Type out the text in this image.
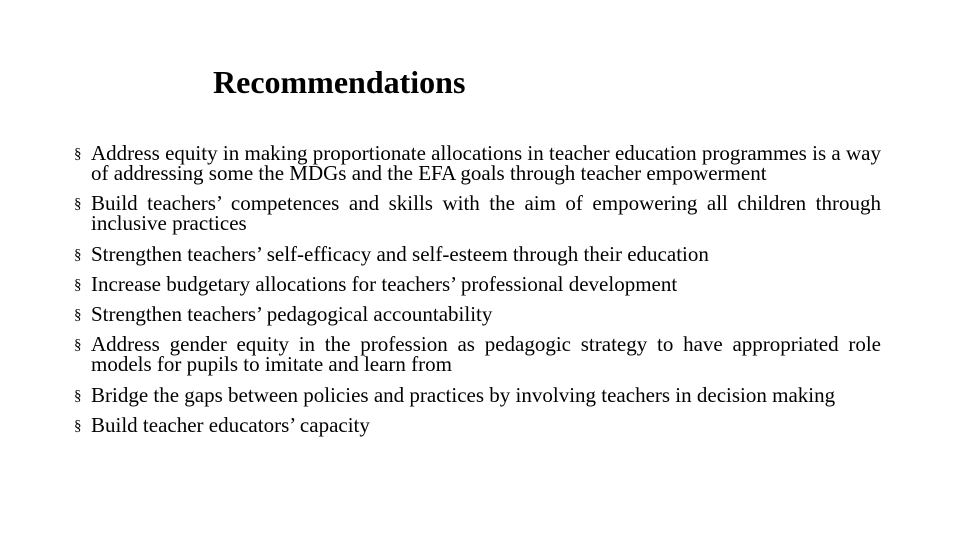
Recommendations
§ Address equity in making proportionate allocations in teacher education programmes is a way of addressing some the MDGs and the EFA goals through teacher empowerment
§ Build teachers’ competences and skills with the aim of empowering all children through inclusive practices
§ Strengthen teachers’ self-efficacy and self-esteem through their education
§ Increase budgetary allocations for teachers’ professional development
§ Strengthen teachers’ pedagogical accountability
§ Address gender equity in the profession as pedagogic strategy to have appropriated role models for pupils to imitate and learn from
§ Bridge the gaps between policies and practices by involving teachers in decision making
§ Build teacher educators’ capacity
